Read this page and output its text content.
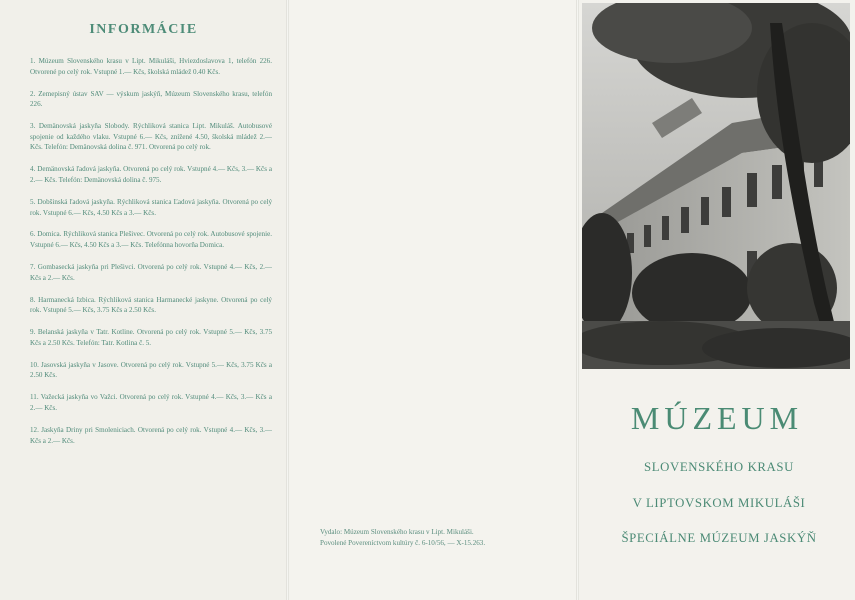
INFORMÁCIE
1. Múzeum Slovenského krasu v Lipt. Mikuláši, Hviezdoslavova 1, telefón 226. Otvorené po celý rok. Vstupné 1.— Kčs, školská mládež 0.40 Kčs.
2. Zemepisný ústav SAV — výskum jaskýň, Múzeum Slovenského krasu, telefón 226.
3. Demänovská jaskyňa Slobody. Rýchliková stanica Lipt. Mikuláš. Autobusové spojenie od každého vlaku. Vstupné 6.— Kčs, znížené 4.50, školská mládež 2.— Kčs. Telefón: Demänovská dolina č. 971. Otvorená po celý rok.
4. Demänovská ľadová jaskyňa. Otvorená po celý rok. Vstupné 4.— Kčs, 3.— Kčs a 2.— Kčs. Telefón: Demänovská dolina č. 975.
5. Dobšinská ľadová jaskyňa. Rýchliková stanica Ľadová jaskyňa. Otvorená po celý rok. Vstupné 6.— Kčs, 4.50 Kčs a 3.— Kčs.
6. Domica. Rýchliková stanica Plešivec. Otvorená po celý rok. Autobusové spojenie. Vstupné 6.— Kčs, 4.50 Kčs a 3.— Kčs. Telefónna hovorňa Domica.
7. Gombasecká jaskyňa pri Plešivci. Otvorená po celý rok. Vstupné 4.— Kčs, 2.— Kčs a 2.— Kčs.
8. Harmanecká Izbica. Rýchliková stanica Harmanecké jaskyne. Otvorená po celý rok. Vstupné 5.— Kčs, 3.75 Kčs a 2.50 Kčs.
9. Belanská jaskyňa v Tatr. Kotline. Otvorená po celý rok. Vstupné 5.— Kčs, 3.75 Kčs a 2.50 Kčs. Telefón: Tatr. Kotlina č. 5.
10. Jasovská jaskyňa v Jasove. Otvorená po celý rok. Vstupné 5.— Kčs, 3.75 Kčs a 2.50 Kčs.
11. Važecká jaskyňa vo Važci. Otvorená po celý rok. Vstupné 4.— Kčs, 3.— Kčs a 2.— Kčs.
12. Jaskyňa Driny pri Smoleniciach. Otvorená po celý rok. Vstupné 4.— Kčs, 3.— Kčs a 2.— Kčs.
Vydalo: Múzeum Slovenského krasu v Lipt. Mikuláši.
Povolené Povereníctvom kultúry č. 6-10/56, — X-15.263.
MÚZEUM
SLOVENSKÉHO KRASU
V LIPTOVSKOM MIKULÁŠI
ŠPECIÁLNE MÚZEUM JASKÝŇ
